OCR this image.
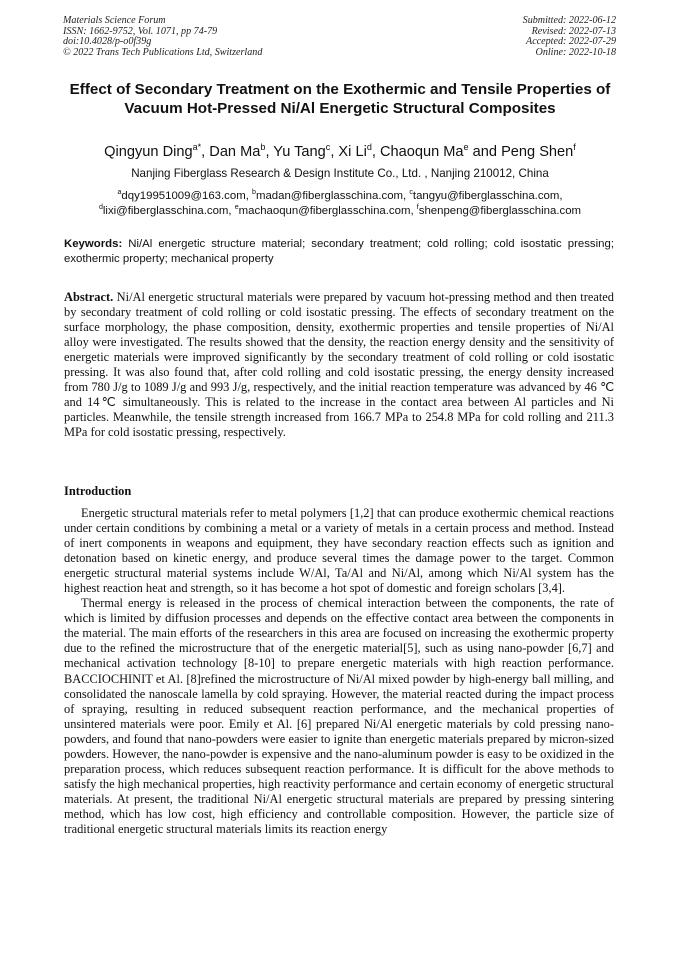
Materials Science Forum
ISSN: 1662-9752, Vol. 1071, pp 74-79
doi:10.4028/p-o0f39g
© 2022 Trans Tech Publications Ltd, Switzerland
Submitted: 2022-06-12
Revised: 2022-07-13
Accepted: 2022-07-29
Online: 2022-10-18
Effect of Secondary Treatment on the Exothermic and Tensile Properties of Vacuum Hot-Pressed Ni/Al Energetic Structural Composites
Qingyun Ding$^{a*}$, Dan Ma$^b$, Yu Tang$^c$, Xi Li$^d$, Chaoqun Ma$^e$ and Peng Shen$^f$
Nanjing Fiberglass Research & Design Institute Co., Ltd. , Nanjing 210012, China
$^a$dqy19951009@163.com, $^b$madan@fiberglasschina.com, $^c$tangyu@fiberglasschina.com,
$^d$lixi@fiberglasschina.com, $^e$machaoqun@fiberglasschina.com, $^f$shenpeng@fiberglasschina.com
Keywords: Ni/Al energetic structure material; secondary treatment; cold rolling; cold isostatic pressing; exothermic property; mechanical property
Abstract. Ni/Al energetic structural materials were prepared by vacuum hot-pressing method and then treated by secondary treatment of cold rolling or cold isostatic pressing. The effects of secondary treatment on the surface morphology, the phase composition, density, exothermic properties and tensile properties of Ni/Al alloy were investigated. The results showed that the density, the reaction energy density and the sensitivity of energetic materials were improved significantly by the secondary treatment of cold rolling or cold isostatic pressing. It was also found that, after cold rolling and cold isostatic pressing, the energy density increased from 780 J/g to 1089 J/g and 993 J/g, respectively, and the initial reaction temperature was advanced by 46 ℃ and 14℃ simultaneously. This is related to the increase in the contact area between Al particles and Ni particles. Meanwhile, the tensile strength increased from 166.7 MPa to 254.8 MPa for cold rolling and 211.3 MPa for cold isostatic pressing, respectively.
Introduction

Energetic structural materials refer to metal polymers [1,2] that can produce exothermic chemical reactions under certain conditions by combining a metal or a variety of metals in a certain process and method. Instead of inert components in weapons and equipment, they have secondary reaction effects such as ignition and detonation based on kinetic energy, and produce several times the damage power to the target. Common energetic structural material systems include W/Al, Ta/Al and Ni/Al, among which Ni/Al system has the highest reaction heat and strength, so it has become a hot spot of domestic and foreign scholars [3,4].

Thermal energy is released in the process of chemical interaction between the components, the rate of which is limited by diffusion processes and depends on the effective contact area between the components in the material. The main efforts of the researchers in this area are focused on increasing the exothermic property due to the refined the microstructure that of the energetic material[5], such as using nano-powder [6,7] and mechanical activation technology [8-10] to prepare energetic materials with high reaction performance. BACCIOCHINIT et Al. [8]refined the microstructure of Ni/Al mixed powder by high-energy ball milling, and consolidated the nanoscale lamella by cold spraying. However, the material reacted during the impact process of spraying, resulting in reduced subsequent reaction performance, and the mechanical properties of unsintered materials were poor. Emily et Al. [6] prepared Ni/Al energetic materials by cold pressing nano-powders, and found that nano-powders were easier to ignite than energetic materials prepared by micron-sized powders. However, the nano-powder is expensive and the nano-aluminum powder is easy to be oxidized in the preparation process, which reduces subsequent reaction performance. It is difficult for the above methods to satisfy the high mechanical properties, high reactivity performance and certain economy of energetic structural materials. At present, the traditional Ni/Al energetic structural materials are prepared by pressing sintering method, which has low cost, high efficiency and controllable composition. However, the particle size of traditional energetic structural materials limits its reaction energy
